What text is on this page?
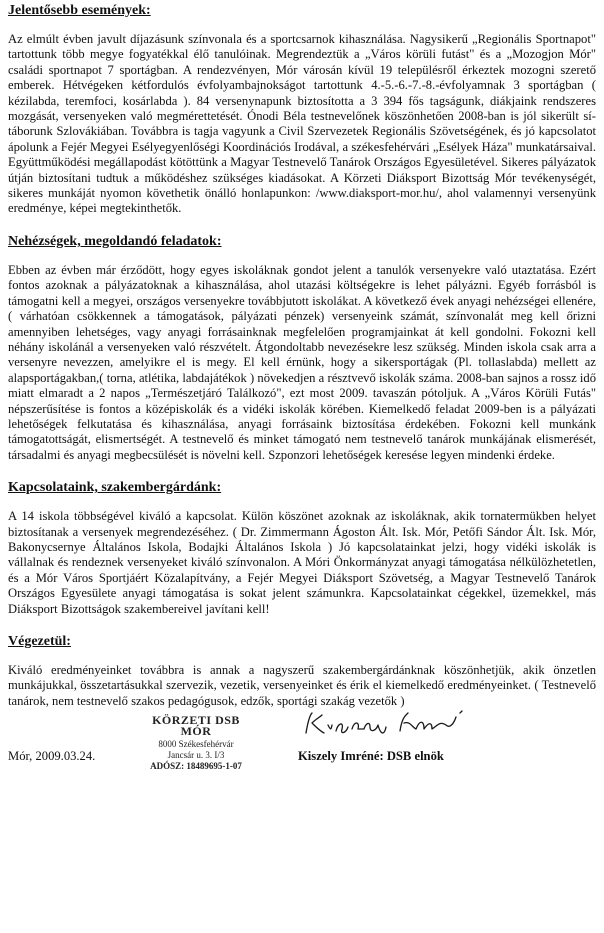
Jelentősebb események:
Az elmúlt évben javult díjazásunk színvonala és a sportcsarnok kihasználása. Nagysikerű „Regionális Sportnapot" tartottunk több megye fogyatékkal élő tanulóinak. Megrendeztük a „Város körüli futást" és a „Mozogjon Mór" családi sportnapot 7 sportágban. A rendezvényen, Mór városán kívül 19 településről érkeztek mozogni szerető emberek. Hétvégeken kétfordulós évfolyambajnokságot tartottunk 4.-5.-6.-7.-8.-évfolyamnak 3 sportágban ( kézilabda, teremfoci, kosárlabda ). 84 versenynapunk biztosította a 3 394 fős tagságunk, diákjaink rendszeres mozgását, versenyeken való megmérettetését. Ónodi Béla testnevelőnek köszönhetően 2008-ban is jól sikerült sí-táborunk Szlovákiában. Továbbra is tagja vagyunk a Civil Szervezetek Regionális Szövetségének, és jó kapcsolatot ápolunk a Fejér Megyei Esélyegyenlőségi Koordinációs Irodával, a székesfehérvári „Esélyek Háza" munkatársaival. Együttműködési megállapodást kötöttünk a Magyar Testnevelő Tanárok Országos Egyesületével. Sikeres pályázatok útján biztosítani tudtuk a működéshez szükséges kiadásokat. A Körzeti Diáksport Bizottság Mór tevékenységét, sikeres munkáját nyomon követhetik önálló honlapunkon: /www.diaksport-mor.hu/, ahol valamennyi versenyünk eredménye, képei megtekinthetők.
Nehézségek, megoldandó feladatok:
Ebben az évben már érződött, hogy egyes iskoláknak gondot jelent a tanulók versenyekre való utaztatása. Ezért fontos azoknak a pályázatoknak a kihasználása, ahol utazási költségekre is lehet pályázni. Egyéb forrásból is támogatni kell a megyei, országos versenyekre továbbjutott iskolákat. A következő évek anyagi nehézségei ellenére, ( várhatóan csökkennek a támogatások, pályázati pénzek) versenyeink számát, színvonalát meg kell őrizni amennyiben lehetséges, vagy anyagi forrásainknak megfelelően programjainkat át kell gondolni. Fokozni kell néhány iskolánál a versenyeken való részvételt. Átgondoltabb nevezésekre lesz szükség. Minden iskola csak arra a versenyre nevezzen, amelyikre el is megy. El kell érnünk, hogy a sikersportágak (Pl. tollaslabda) mellett az alapsportágakban,( torna, atlétika, labdajátékok ) növekedjen a résztvevő iskolák száma. 2008-ban sajnos a rossz idő miatt elmaradt a 2 napos „Természetjáró Találkozó", ezt most 2009. tavaszán pótoljuk. A „Város Körüli Futás" népszerűsítése is fontos a középiskolák és a vidéki iskolák körében. Kiemelkedő feladat 2009-ben is a pályázati lehetőségek felkutatása és kihasználása, anyagi forrásaink biztosítása érdekében. Fokozni kell munkánk támogatottságát, elismertségét. A testnevelő és minket támogató nem testnevelő tanárok munkájának elismerését, társadalmi és anyagi megbecsülését is növelni kell. Szponzori lehetőségek keresése legyen mindenki érdeke.
Kapcsolataink, szakembergárdánk:
A 14 iskola többségével kiváló a kapcsolat. Külön köszönet azoknak az iskoláknak, akik tornatermükben helyet biztosítanak a versenyek megrendezéséhez. ( Dr. Zimmermann Ágoston Ált. Isk. Mór, Petőfi Sándor Ált. Isk. Mór, Bakonycsernye Általános Iskola, Bodajki Általános Iskola ) Jó kapcsolatainkat jelzi, hogy vidéki iskolák is vállalnak és rendeznek versenyeket kiváló színvonalon. A Móri Önkormányzat anyagi támogatása nélkülözhetetlen, és a Mór Város Sportjáért Közalapítvány, a Fejér Megyei Diáksport Szövetség, a Magyar Testnevelő Tanárok Országos Egyesülete anyagi támogatása is sokat jelent számunkra. Kapcsolatainkat cégekkel, üzemekkel, más Diáksport Bizottságok szakembereivel javítani kell!
Végezetül:
Kiváló eredményeinket továbbra is annak a nagyszerű szakembergárdánknak köszönhetjük, akik önzetlen munkájukkal, összetartásukkal szervezik, vezetik, versenyeinket és érik el kiemelkedő eredményeinket. ( Testnevelő tanárok, nem testnevelő szakos pedagógusok, edzők, sportági szakág vezetők )
Mór, 2009.03.24.
KÖRZETI DSB MÓR
8000 Székesfehérvár
Jancsár u. 3. I/3
ADÓSZ: 18489695-1-07
Kiszely Imréné: DSB elnök
